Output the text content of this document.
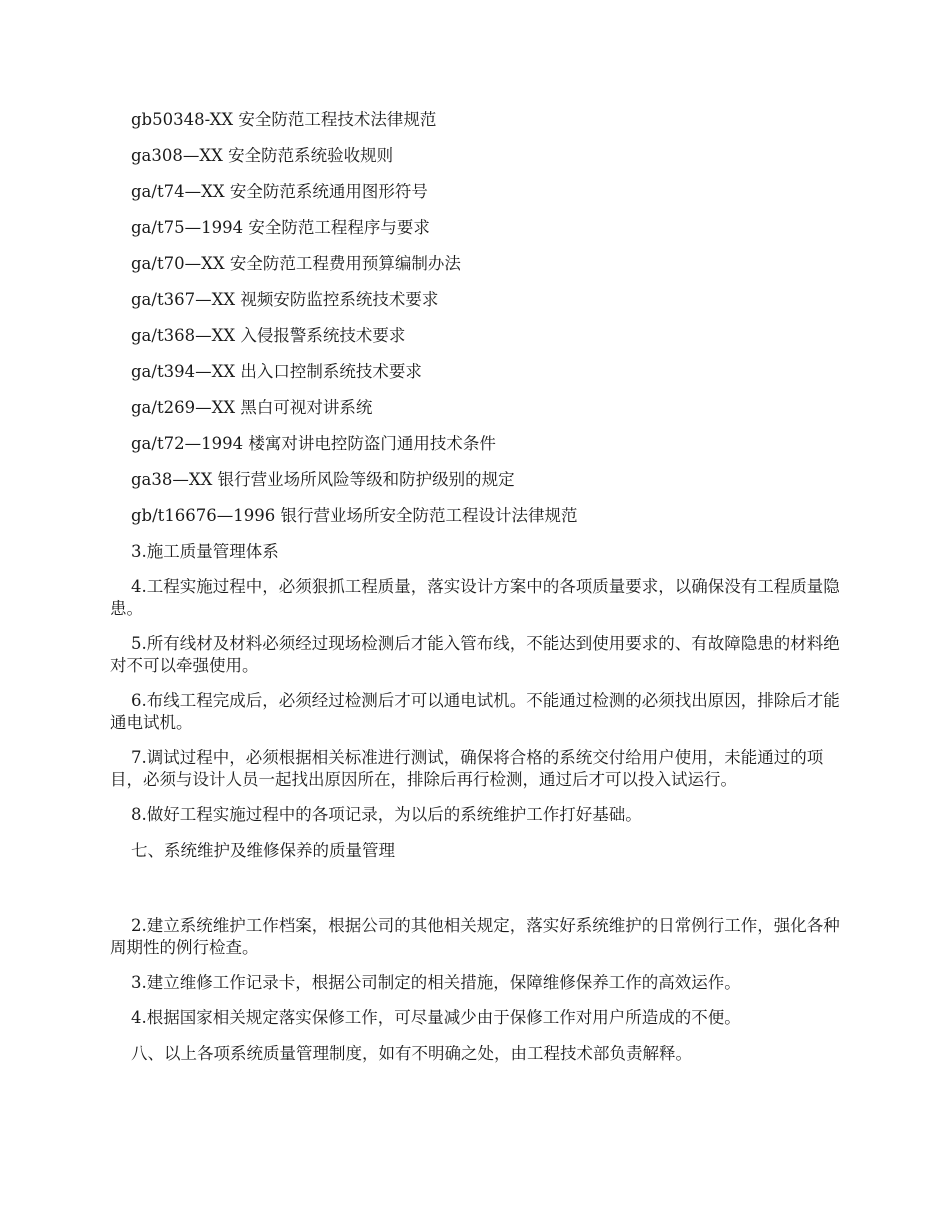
gb50348-XX 安全防范工程技术法律规范

ga308—XX 安全防范系统验收规则

ga/t74—XX 安全防范系统通用图形符号

ga/t75—1994 安全防范工程程序与要求

ga/t70—XX 安全防范工程费用预算编制办法

ga/t367—XX 视频安防监控系统技术要求

ga/t368—XX 入侵报警系统技术要求

ga/t394—XX 出入口控制系统技术要求

ga/t269—XX 黑白可视对讲系统

ga/t72—1994 楼寓对讲电控防盗门通用技术条件

ga38—XX 银行营业场所风险等级和防护级别的规定

gb/t16676—1996 银行营业场所安全防范工程设计法律规范

3.施工质量管理体系

4.工程实施过程中，必须狠抓工程质量，落实设计方案中的各项质量要求，以确保没有工程质量隐患。

5.所有线材及材料必须经过现场检测后才能入管布线，不能达到使用要求的、有故障隐患的材料绝对不可以牵强使用。

6.布线工程完成后，必须经过检测后才可以通电试机。不能通过检测的必须找出原因，排除后才能通电试机。

7.调试过程中，必须根据相关标准进行测试，确保将合格的系统交付给用户使用，未能通过的项目，必须与设计人员一起找出原因所在，排除后再行检测，通过后才可以投入试运行。

8.做好工程实施过程中的各项记录，为以后的系统维护工作打好基础。

七、系统维护及维修保养的质量管理

2.建立系统维护工作档案，根据公司的其他相关规定，落实好系统维护的日常例行工作，强化各种周期性的例行检查。

3.建立维修工作记录卡，根据公司制定的相关措施，保障维修保养工作的高效运作。

4.根据国家相关规定落实保修工作，可尽量减少由于保修工作对用户所造成的不便。

八、以上各项系统质量管理制度，如有不明确之处，由工程技术部负责解释。
